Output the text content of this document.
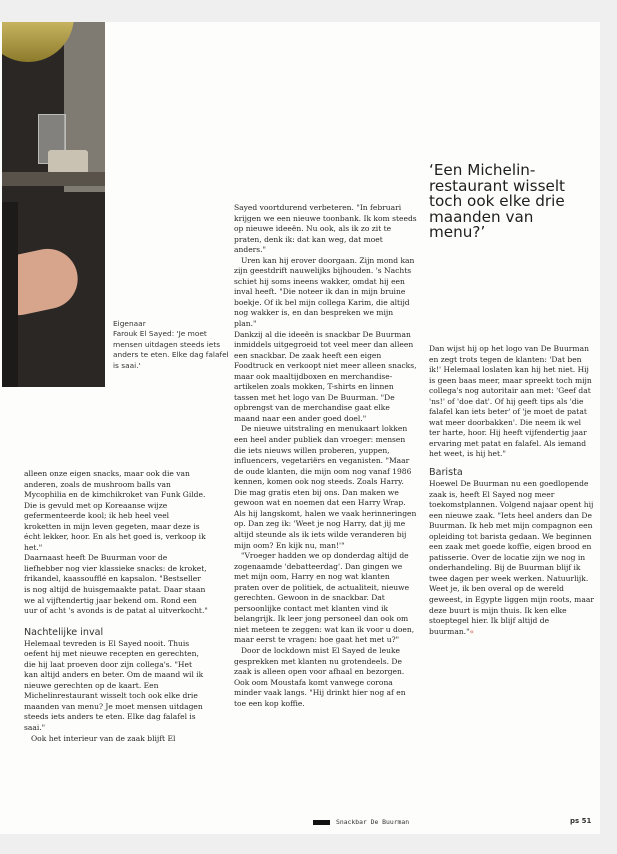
Eigenaar

Farouk El Sayed: 'Je moet mensen uitdagen steeds iets anders te eten. Elke dag falafel is saai.'

‘Een Michelin-restaurant wisselt toch ook elke drie maanden van menu?’

alleen onze eigen snacks, maar ook die van anderen, zoals de mushroom balls van Mycophilia en de kimchikroket van Funk Gilde. Die is gevuld met op Koreaanse wijze gefermenteerde kool; ik heb heel veel kroketten in mijn leven gegeten, maar deze is écht lekker, hoor. En als het goed is, verkoop ik het."

Daarnaast heeft De Buurman voor de liefhebber nog vier klassieke snacks: de kroket, frikandel, kaassoufflé en kapsalon. "Bestseller is nog altijd de huisgemaakte patat. Daar staan we al vijftendertig jaar bekend om. Rond een uur of acht 's avonds is de patat al uitverkocht."

Nachtelijke inval

Helemaal tevreden is El Sayed nooit. Thuis oefent hij met nieuwe recepten en gerechten, die hij laat proeven door zijn collega's. "Het kan altijd anders en beter. Om de maand wil ik nieuwe gerechten op de kaart. Een Michelinrestaurant wisselt toch ook elke drie maanden van menu? Je moet mensen uitdagen steeds iets anders te eten. Elke dag falafel is saai."

Ook het interieur van de zaak blijft El

Sayed voortdurend verbeteren. "In februari krijgen we een nieuwe toonbank. Ik kom steeds op nieuwe ideeën. Nu ook, als ik zo zit te praten, denk ik: dat kan weg, dat moet anders."

Uren kan hij erover doorgaan. Zijn mond kan zijn geestdrift nauwelijks bijhouden. 's Nachts schiet hij soms ineens wakker, omdat hij een inval heeft. "Die noteer ik dan in mijn bruine boekje. Of ik bel mijn collega Karim, die altijd nog wakker is, en dan bespreken we mijn plan."

Dankzij al die ideeën is snackbar De Buurman inmiddels uitgegroeid tot veel meer dan alleen een snackbar. De zaak heeft een eigen Foodtruck en verkoopt niet meer alleen snacks, maar ook maaltijdboxen en merchandise-artikelen zoals mokken, T-shirts en linnen tassen met het logo van De Buurman. "De opbrengst van de merchandise gaat elke maand naar een ander goed doel."

De nieuwe uitstraling en menukaart lokken een heel ander publiek dan vroeger: mensen die iets nieuws willen proberen, yuppen, influencers, vegetariërs en veganisten. "Maar de oude klanten, die mijn oom nog vanaf 1986 kennen, komen ook nog steeds. Zoals Harry. Die mag gratis eten bij ons. Dan maken we gewoon wat en noemen dat een Harry Wrap. Als hij langskomt, halen we vaak herinneringen op. Dan zeg ik: 'Weet je nog Harry, dat jij me altijd steunde als ik iets wilde veranderen bij mijn oom? En kijk nu, man!'"

"Vroeger hadden we op donderdag altijd de zogenaamde 'debatteerdag'. Dan gingen we met mijn oom, Harry en nog wat klanten praten over de politiek, de actualiteit, nieuwe gerechten. Gewoon in de snackbar. Dat persoonlijke contact met klanten vind ik belangrijk. Ik leer jong personeel dan ook om niet meteen te zeggen: wat kan ik voor u doen, maar eerst te vragen: hoe gaat het met u?"

Door de lockdown mist El Sayed de leuke gesprekken met klanten nu grotendeels. De zaak is alleen open voor afhaal en bezorgen. Ook oom Moustafa komt vanwege corona minder vaak langs. "Hij drinkt hier nog af en toe een kop koffie.

Dan wijst hij op het logo van De Buurman en zegt trots tegen de klanten: 'Dat ben ik!' Helemaal loslaten kan hij het niet. Hij is geen baas meer, maar spreekt toch mijn collega's nog autoritair aan met: 'Geef dat 'ns!' of 'doe dat'. Of hij geeft tips als 'die falafel kan iets beter' of 'je moet de patat wat meer doorbakken'. Die neem ik wel ter harte, hoor. Hij heeft vijfendertig jaar ervaring met patat en falafel. Als iemand het weet, is hij het."

Barista

Hoewel De Buurman nu een goedlopende zaak is, heeft El Sayed nog meer toekomstplannen. Volgend najaar opent hij een nieuwe zaak. "Iets heel anders dan De Buurman. Ik heb met mijn compagnon een opleiding tot barista gedaan. We beginnen een zaak met goede koffie, eigen brood en patisserie. Over de locatie zijn we nog in onderhandeling. Bij de Buurman blijf ik twee dagen per week werken. Natuurlijk. Weet je, ik ben overal op de wereld geweest, in Egypte liggen mijn roots, maar deze buurt is mijn thuis. Ik ken elke stoeptegel hier. Ik blijf altijd de buurman."«

Snackbar De Buurman	ps 51
